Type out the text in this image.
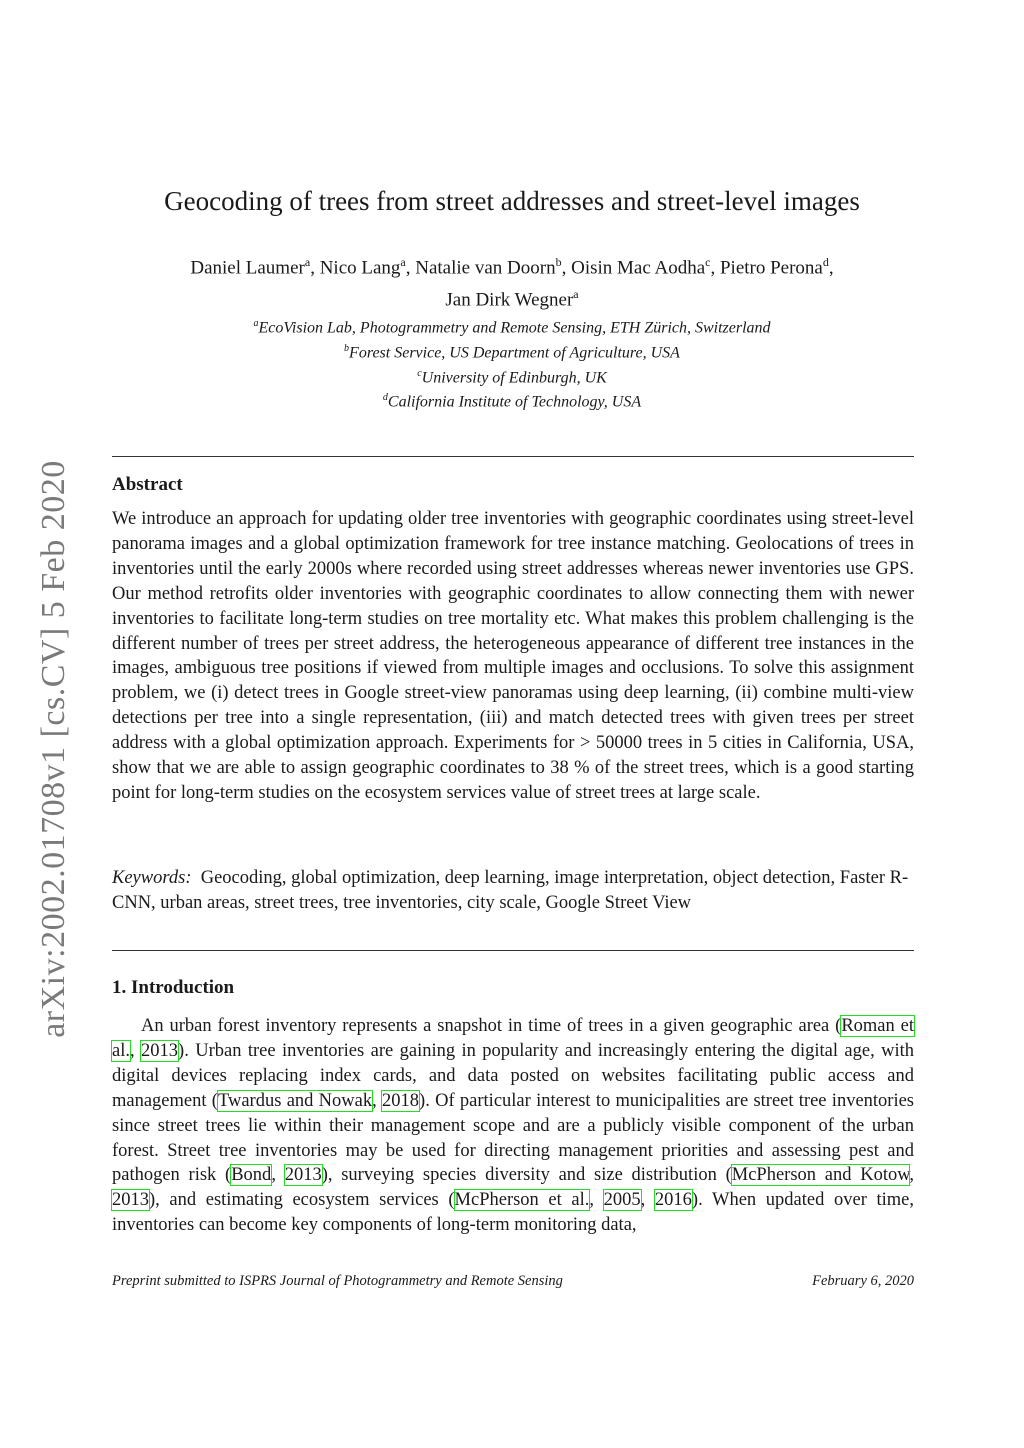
arXiv:2002.01708v1 [cs.CV] 5 Feb 2020
Geocoding of trees from street addresses and street-level images
Daniel Laumer$^a$, Nico Lang$^a$, Natalie van Doorn$^b$, Oisin Mac Aodha$^c$, Pietro Perona$^d$,
Jan Dirk Wegner$^a$
$^a$EcoVision Lab, Photogrammetry and Remote Sensing, ETH Zürich, Switzerland
$^b$Forest Service, US Department of Agriculture, USA
$^c$University of Edinburgh, UK
$^d$California Institute of Technology, USA
Abstract
We introduce an approach for updating older tree inventories with geographic coordinates using street-level panorama images and a global optimization framework for tree instance matching. Geolocations of trees in inventories until the early 2000s where recorded using street addresses whereas newer inventories use GPS. Our method retrofits older inventories with geographic coordinates to allow connecting them with newer inventories to facilitate long-term studies on tree mortality etc. What makes this problem challenging is the different number of trees per street address, the heterogeneous appearance of different tree instances in the images, ambiguous tree positions if viewed from multiple images and occlusions. To solve this assignment problem, we (i) detect trees in Google street-view panoramas using deep learning, (ii) combine multi-view detections per tree into a single representation, (iii) and match detected trees with given trees per street address with a global optimization approach. Experiments for > 50000 trees in 5 cities in California, USA, show that we are able to assign geographic coordinates to 38 % of the street trees, which is a good starting point for long-term studies on the ecosystem services value of street trees at large scale.
Keywords: Geocoding, global optimization, deep learning, image interpretation, object detection, Faster R-CNN, urban areas, street trees, tree inventories, city scale, Google Street View
1. Introduction
An urban forest inventory represents a snapshot in time of trees in a given geographic area (Roman et al., 2013). Urban tree inventories are gaining in popularity and increasingly entering the digital age, with digital devices replacing index cards, and data posted on websites facilitating public access and management (Twardus and Nowak, 2018). Of particular interest to municipalities are street tree inventories since street trees lie within their management scope and are a publicly visible component of the urban forest. Street tree inventories may be used for directing management priorities and assessing pest and pathogen risk (Bond, 2013), surveying species diversity and size distribution (McPherson and Kotow, 2013), and estimating ecosystem services (McPherson et al., 2005, 2016). When updated over time, inventories can become key components of long-term monitoring data,
Preprint submitted to ISPRS Journal of Photogrammetry and Remote Sensing	February 6, 2020
